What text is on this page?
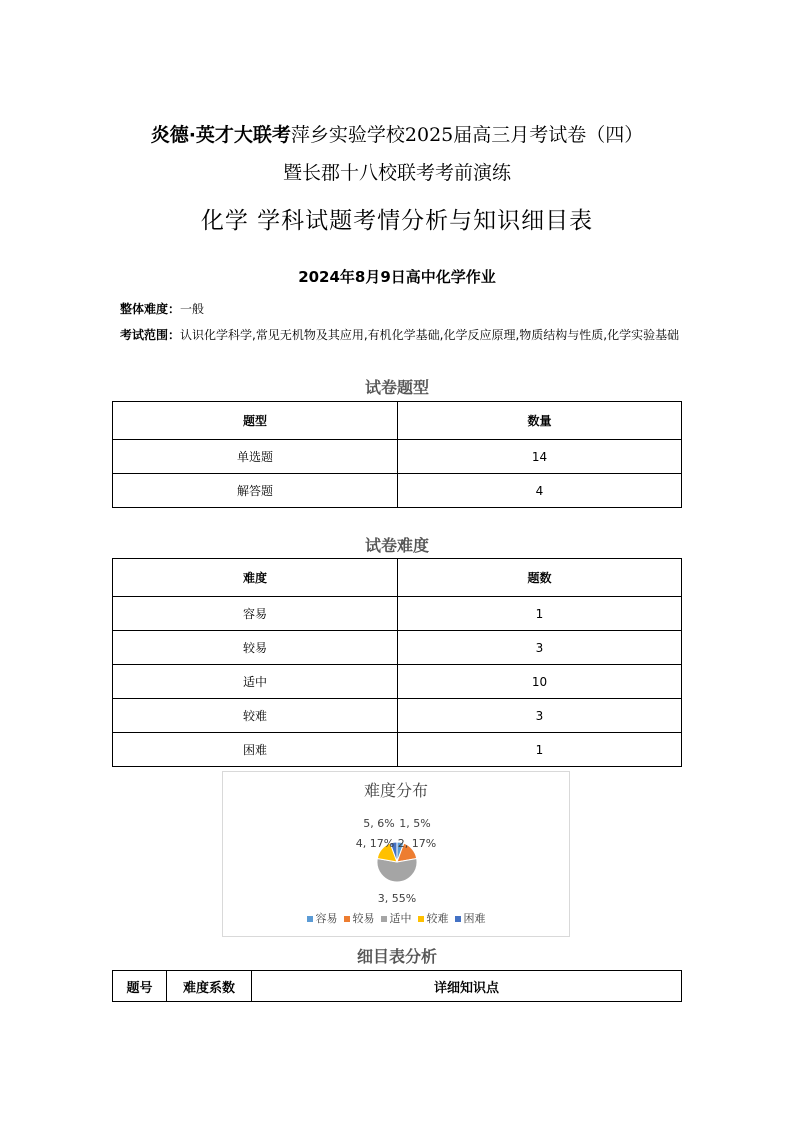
炎德·英才大联考萍乡实验学校2025届高三月考试卷（四）
暨长郡十八校联考考前演练
化学 学科试题考情分析与知识细目表
2024年8月9日高中化学作业
整体难度：一般
考试范围：认识化学科学,常见无机物及其应用,有机化学基础,化学反应原理,物质结构与性质,化学实验基础
试卷题型
题型	数量
单选题	14
解答题	4
试卷难度
难度	题数
容易	1
较易	3
适中	10
较难	3
困难	1
难度分布
1, 5%
2, 17%
3, 55%
4, 17%
5, 6%
容易 较易 适中 较难 困难
细目表分析
题号	难度系数	详细知识点
